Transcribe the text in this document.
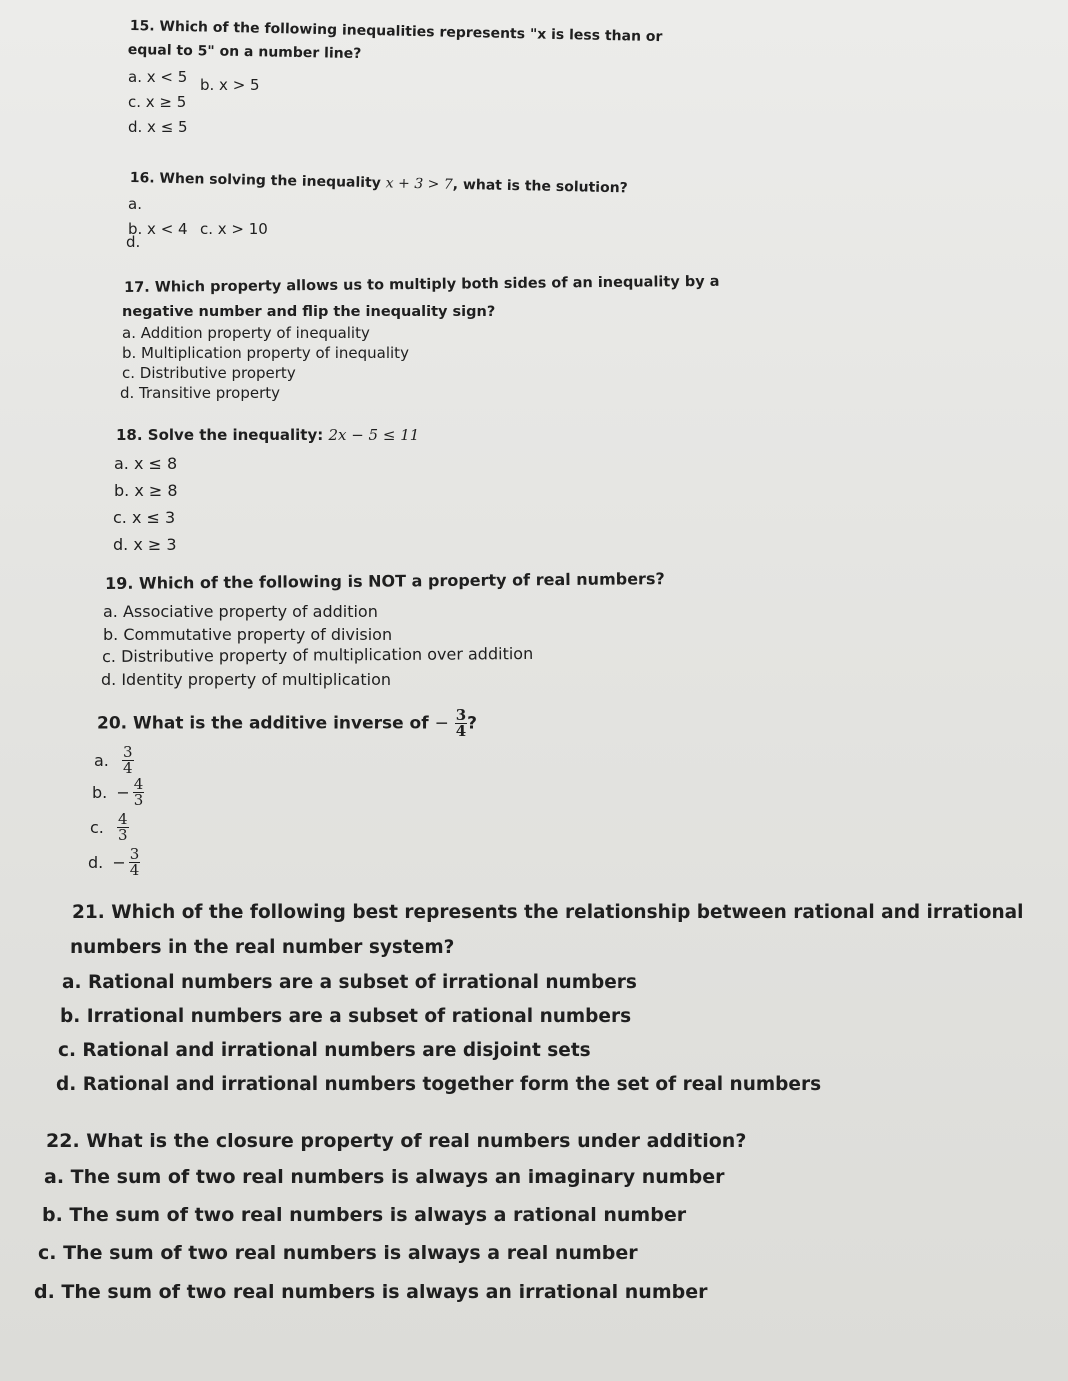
15. Which of the following inequalities represents "x is less than or
equal to 5" on a number line?
a. x < 5 b. x > 5
c. x ≥ 5
d. x ≤ 5
16. When solving the inequality x + 3 > 7, what is the solution?
a.
b. x < 4 c. x > 10
d.
17. Which property allows us to multiply both sides of an inequality by a
negative number and flip the inequality sign?
a. Addition property of inequality
b. Multiplication property of inequality
c. Distributive property
d. Transitive property
18. Solve the inequality: 2x − 5 ≤ 11
a. x ≤ 8
b. x ≥ 8
c. x ≤ 3
d. x ≥ 3
19. Which of the following is NOT a property of real numbers?
a. Associative property of addition
b. Commutative property of division
c. Distributive property of multiplication over addition
d. Identity property of multiplication
20. What is the additive inverse of − $\frac{3}{4}$ ?
a. $\frac{3}{4}$
b. − $\frac{4}{3}$
c. $\frac{4}{3}$
d. − $\frac{3}{4}$
21. Which of the following best represents the relationship between rational and irrational
numbers in the real number system?
a. Rational numbers are a subset of irrational numbers
b. Irrational numbers are a subset of rational numbers
c. Rational and irrational numbers are disjoint sets
d. Rational and irrational numbers together form the set of real numbers
22. What is the closure property of real numbers under addition?
a. The sum of two real numbers is always an imaginary number
b. The sum of two real numbers is always a rational number
c. The sum of two real numbers is always a real number
d. The sum of two real numbers is always an irrational number
